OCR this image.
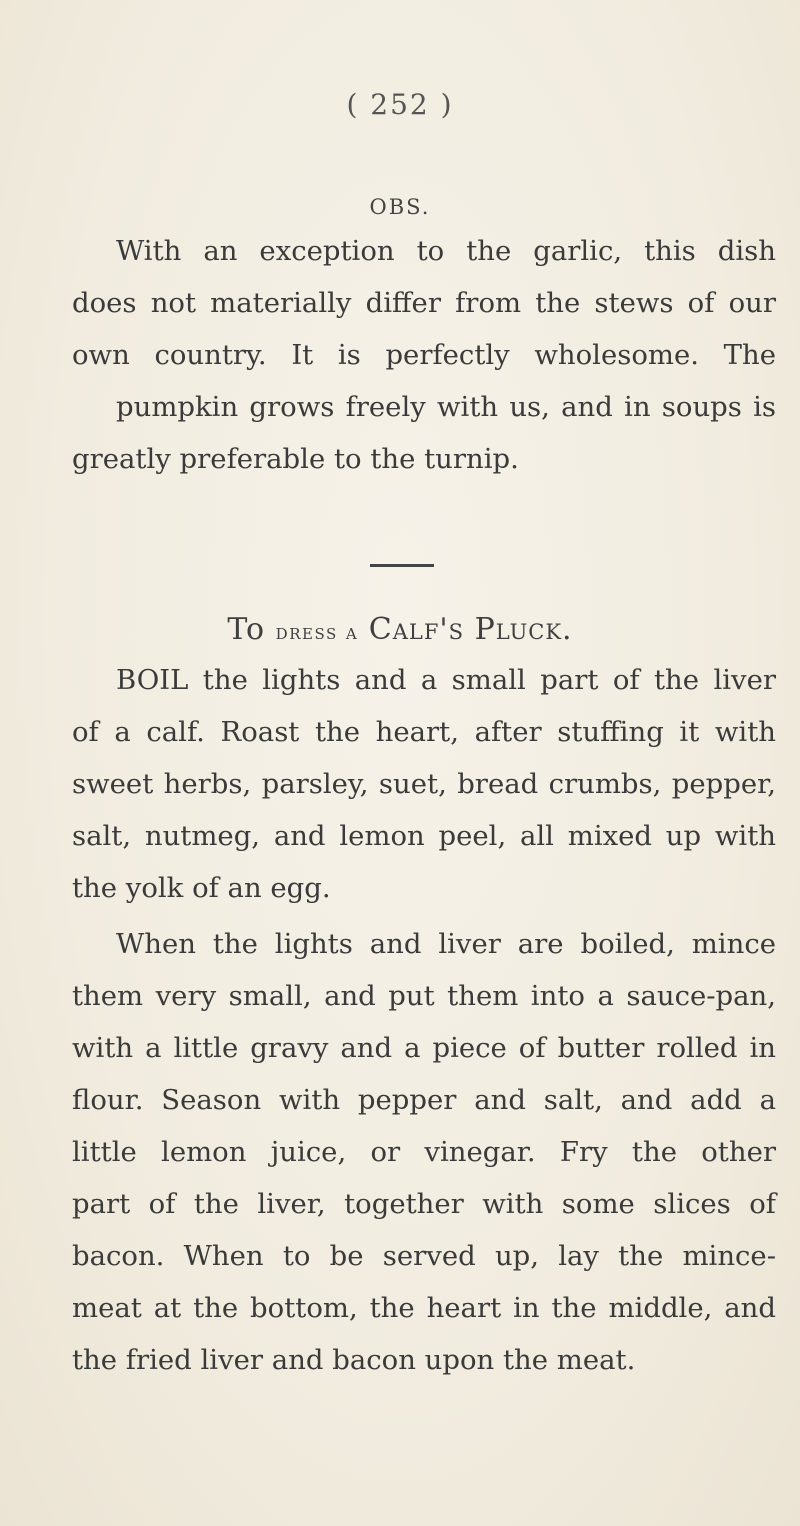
( 252 )
OBS.

With an exception to the garlic, this dish
does not materially differ from the stews of our
own country. It is perfectly wholesome. The
pumpkin grows freely with us, and in soups is
greatly preferable to the turnip.

To dress a Calf's Pluck.

BOIL the lights and a small part of the liver
of a calf. Roast the heart, after stuffing it with
sweet herbs, parsley, suet, bread crumbs, pepper,
salt, nutmeg, and lemon peel, all mixed up with
the yolk of an egg.

When the lights and liver are boiled, mince
them very small, and put them into a sauce-pan,
with a little gravy and a piece of butter rolled in
flour. Season with pepper and salt, and add a
little lemon juice, or vinegar. Fry the other
part of the liver, together with some slices of
bacon. When to be served up, lay the mince-
meat at the bottom, the heart in the middle, and
the fried liver and bacon upon the meat.
